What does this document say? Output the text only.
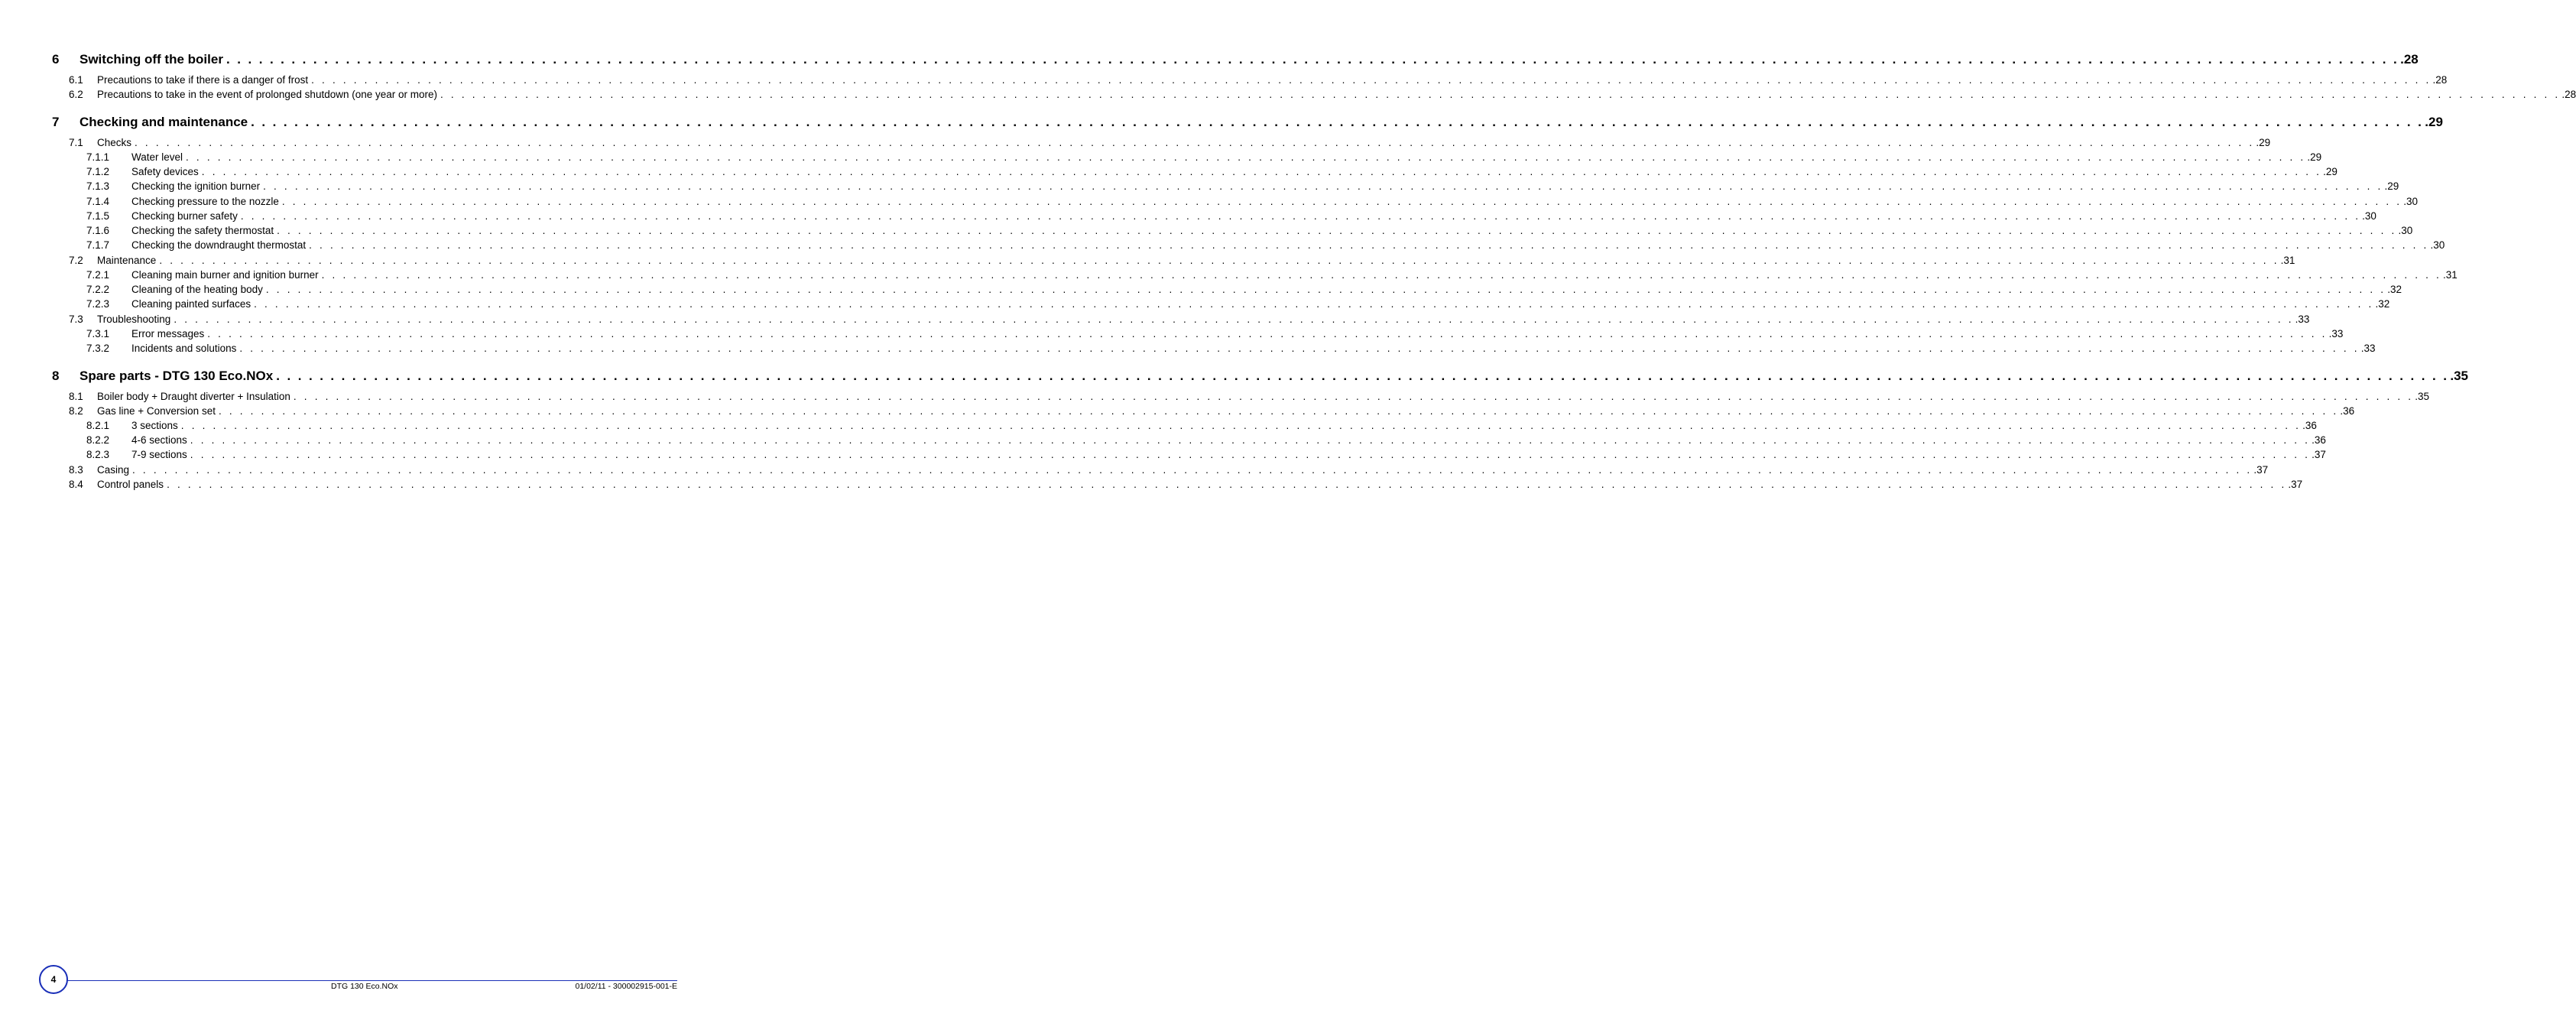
6	Switching off the boiler . . . . . . . . . . . . . . . . . . . . . . . . . . . . . . . . . . . . . . . . . . . . . . . . . . . . . . . . . . . . . . . . . . . . . . . . . . . . . . . . . . . . . . . . . . . . . . . . . . . . . . . . . . . . . . . . . . . . . . . . . . . . . . . . . . . . . . . . . . . . . . . . . . . . . . . . . . . . . . . . . . . . . . . . . . . . . . . . . . . . . . . . . . . . . . . . . . . . . . . . .28
6.1	Precautions to take if there is a danger of frost . . . . . . . . . . . . . . . . . . . . . . . . . . . . . . . . . . . . . . . . . . . . . . . . . . . . . . . . . . . . . . . . . . . . . . . . . . . . . . . . . . . . . . . . . . . . . . . . . . . . . . . . . . . . . . . . . . . . . . . . . . . . . . . . . . . . . . . . . . . . . . . . . . . . . . . . . . . . . . . . . . . . . . . . . . . . . . . . . . . . . . . . . . . . . . . . . . . . . . . . .28
6.2	Precautions to take in the event of prolonged shutdown (one year or more) . . . . . . . . . . . . . . . . . . . . . . . . . . . . . . . . . . . . . . . . . . . . . . . . . . . . . . . . . . . . . . . . . . . . . . . . . . . . . . . . . . . . . . . . . . . . . . . . . . . . . . . . . . . . . . . . . . . . . . . . . . . . . . . . . . . . . . . . . . . . . . . . . . . . . . . . . . . . . . . . . . . . . . . . . . . . . . . . . . . . . . . . . . . . . . . . . . . . . . . . .28
7	Checking and maintenance . . . . . . . . . . . . . . . . . . . . . . . . . . . . . . . . . . . . . . . . . . . . . . . . . . . . . . . . . . . . . . . . . . . . . . . . . . . . . . . . . . . . . . . . . . . . . . . . . . . . . . . . . . . . . . . . . . . . . . . . . . . . . . . . . . . . . . . . . . . . . . . . . . . . . . . . . . . . . . . . . . . . . . . . . . . . . . . . . . . . . . . . . . . . . . . . . . . . . . . . .29
7.1	Checks . . . . . . . . . . . . . . . . . . . . . . . . . . . . . . . . . . . . . . . . . . . . . . . . . . . . . . . . . . . . . . . . . . . . . . . . . . . . . . . . . . . . . . . . . . . . . . . . . . . . . . . . . . . . . . . . . . . . . . . . . . . . . . . . . . . . . . . . . . . . . . . . . . . . . . . . . . . . . . . . . . . . . . . . . . . . . . . . . . . . . . . . . . . . . . . . . . . . . . . . .29
7.1.1	Water level . . . . . . . . . . . . . . . . . . . . . . . . . . . . . . . . . . . . . . . . . . . . . . . . . . . . . . . . . . . . . . . . . . . . . . . . . . . . . . . . . . . . . . . . . . . . . . . . . . . . . . . . . . . . . . . . . . . . . . . . . . . . . . . . . . . . . . . . . . . . . . . . . . . . . . . . . . . . . . . . . . . . . . . . . . . . . . . . . . . . . . . . . . . . . . . . . . . . . . . . .29
7.1.2	Safety devices . . . . . . . . . . . . . . . . . . . . . . . . . . . . . . . . . . . . . . . . . . . . . . . . . . . . . . . . . . . . . . . . . . . . . . . . . . . . . . . . . . . . . . . . . . . . . . . . . . . . . . . . . . . . . . . . . . . . . . . . . . . . . . . . . . . . . . . . . . . . . . . . . . . . . . . . . . . . . . . . . . . . . . . . . . . . . . . . . . . . . . . . . . . . . . . . . . . . . . . . .29
7.1.3	Checking the ignition burner . . . . . . . . . . . . . . . . . . . . . . . . . . . . . . . . . . . . . . . . . . . . . . . . . . . . . . . . . . . . . . . . . . . . . . . . . . . . . . . . . . . . . . . . . . . . . . . . . . . . . . . . . . . . . . . . . . . . . . . . . . . . . . . . . . . . . . . . . . . . . . . . . . . . . . . . . . . . . . . . . . . . . . . . . . . . . . . . . . . . . . . . . . . . . . . . . . . . . . . . .29
7.1.4	Checking pressure to the nozzle . . . . . . . . . . . . . . . . . . . . . . . . . . . . . . . . . . . . . . . . . . . . . . . . . . . . . . . . . . . . . . . . . . . . . . . . . . . . . . . . . . . . . . . . . . . . . . . . . . . . . . . . . . . . . . . . . . . . . . . . . . . . . . . . . . . . . . . . . . . . . . . . . . . . . . . . . . . . . . . . . . . . . . . . . . . . . . . . . . . . . . . . . . . . . . . . . . . . . . . . .30
7.1.5	Checking burner safety . . . . . . . . . . . . . . . . . . . . . . . . . . . . . . . . . . . . . . . . . . . . . . . . . . . . . . . . . . . . . . . . . . . . . . . . . . . . . . . . . . . . . . . . . . . . . . . . . . . . . . . . . . . . . . . . . . . . . . . . . . . . . . . . . . . . . . . . . . . . . . . . . . . . . . . . . . . . . . . . . . . . . . . . . . . . . . . . . . . . . . . . . . . . . . . . . . . . . . . . .30
7.1.6	Checking the safety thermostat . . . . . . . . . . . . . . . . . . . . . . . . . . . . . . . . . . . . . . . . . . . . . . . . . . . . . . . . . . . . . . . . . . . . . . . . . . . . . . . . . . . . . . . . . . . . . . . . . . . . . . . . . . . . . . . . . . . . . . . . . . . . . . . . . . . . . . . . . . . . . . . . . . . . . . . . . . . . . . . . . . . . . . . . . . . . . . . . . . . . . . . . . . . . . . . . . . . . . . . . .30
7.1.7	Checking the downdraught thermostat . . . . . . . . . . . . . . . . . . . . . . . . . . . . . . . . . . . . . . . . . . . . . . . . . . . . . . . . . . . . . . . . . . . . . . . . . . . . . . . . . . . . . . . . . . . . . . . . . . . . . . . . . . . . . . . . . . . . . . . . . . . . . . . . . . . . . . . . . . . . . . . . . . . . . . . . . . . . . . . . . . . . . . . . . . . . . . . . . . . . . . . . . . . . . . . . . . . . . . . . .30
7.2	Maintenance . . . . . . . . . . . . . . . . . . . . . . . . . . . . . . . . . . . . . . . . . . . . . . . . . . . . . . . . . . . . . . . . . . . . . . . . . . . . . . . . . . . . . . . . . . . . . . . . . . . . . . . . . . . . . . . . . . . . . . . . . . . . . . . . . . . . . . . . . . . . . . . . . . . . . . . . . . . . . . . . . . . . . . . . . . . . . . . . . . . . . . . . . . . . . . . . . . . . . . . . .31
7.2.1	Cleaning main burner and ignition burner . . . . . . . . . . . . . . . . . . . . . . . . . . . . . . . . . . . . . . . . . . . . . . . . . . . . . . . . . . . . . . . . . . . . . . . . . . . . . . . . . . . . . . . . . . . . . . . . . . . . . . . . . . . . . . . . . . . . . . . . . . . . . . . . . . . . . . . . . . . . . . . . . . . . . . . . . . . . . . . . . . . . . . . . . . . . . . . . . . . . . . . . . . . . . . . . . . . . . . . . .31
7.2.2	Cleaning of the heating body . . . . . . . . . . . . . . . . . . . . . . . . . . . . . . . . . . . . . . . . . . . . . . . . . . . . . . . . . . . . . . . . . . . . . . . . . . . . . . . . . . . . . . . . . . . . . . . . . . . . . . . . . . . . . . . . . . . . . . . . . . . . . . . . . . . . . . . . . . . . . . . . . . . . . . . . . . . . . . . . . . . . . . . . . . . . . . . . . . . . . . . . . . . . . . . . . . . . . . . . .32
7.2.3	Cleaning painted surfaces . . . . . . . . . . . . . . . . . . . . . . . . . . . . . . . . . . . . . . . . . . . . . . . . . . . . . . . . . . . . . . . . . . . . . . . . . . . . . . . . . . . . . . . . . . . . . . . . . . . . . . . . . . . . . . . . . . . . . . . . . . . . . . . . . . . . . . . . . . . . . . . . . . . . . . . . . . . . . . . . . . . . . . . . . . . . . . . . . . . . . . . . . . . . . . . . . . . . . . . . .32
7.3	Troubleshooting . . . . . . . . . . . . . . . . . . . . . . . . . . . . . . . . . . . . . . . . . . . . . . . . . . . . . . . . . . . . . . . . . . . . . . . . . . . . . . . . . . . . . . . . . . . . . . . . . . . . . . . . . . . . . . . . . . . . . . . . . . . . . . . . . . . . . . . . . . . . . . . . . . . . . . . . . . . . . . . . . . . . . . . . . . . . . . . . . . . . . . . . . . . . . . . . . . . . . . . . .33
7.3.1	Error messages . . . . . . . . . . . . . . . . . . . . . . . . . . . . . . . . . . . . . . . . . . . . . . . . . . . . . . . . . . . . . . . . . . . . . . . . . . . . . . . . . . . . . . . . . . . . . . . . . . . . . . . . . . . . . . . . . . . . . . . . . . . . . . . . . . . . . . . . . . . . . . . . . . . . . . . . . . . . . . . . . . . . . . . . . . . . . . . . . . . . . . . . . . . . . . . . . . . . . . . . .33
7.3.2	Incidents and solutions . . . . . . . . . . . . . . . . . . . . . . . . . . . . . . . . . . . . . . . . . . . . . . . . . . . . . . . . . . . . . . . . . . . . . . . . . . . . . . . . . . . . . . . . . . . . . . . . . . . . . . . . . . . . . . . . . . . . . . . . . . . . . . . . . . . . . . . . . . . . . . . . . . . . . . . . . . . . . . . . . . . . . . . . . . . . . . . . . . . . . . . . . . . . . . . . . . . . . . . . .33
8	Spare parts - DTG 130 Eco.NOx . . . . . . . . . . . . . . . . . . . . . . . . . . . . . . . . . . . . . . . . . . . . . . . . . . . . . . . . . . . . . . . . . . . . . . . . . . . . . . . . . . . . . . . . . . . . . . . . . . . . . . . . . . . . . . . . . . . . . . . . . . . . . . . . . . . . . . . . . . . . . . . . . . . . . . . . . . . . . . . . . . . . . . . . . . . . . . . . . . . . . . . . . . . . . . . . . . . . . . . . .35
8.1	Boiler body + Draught diverter + Insulation . . . . . . . . . . . . . . . . . . . . . . . . . . . . . . . . . . . . . . . . . . . . . . . . . . . . . . . . . . . . . . . . . . . . . . . . . . . . . . . . . . . . . . . . . . . . . . . . . . . . . . . . . . . . . . . . . . . . . . . . . . . . . . . . . . . . . . . . . . . . . . . . . . . . . . . . . . . . . . . . . . . . . . . . . . . . . . . . . . . . . . . . . . . . . . . . . . . . . . . . .35
8.2	Gas line + Conversion set . . . . . . . . . . . . . . . . . . . . . . . . . . . . . . . . . . . . . . . . . . . . . . . . . . . . . . . . . . . . . . . . . . . . . . . . . . . . . . . . . . . . . . . . . . . . . . . . . . . . . . . . . . . . . . . . . . . . . . . . . . . . . . . . . . . . . . . . . . . . . . . . . . . . . . . . . . . . . . . . . . . . . . . . . . . . . . . . . . . . . . . . . . . . . . . . . . . . . . . . .36
8.2.1	3 sections . . . . . . . . . . . . . . . . . . . . . . . . . . . . . . . . . . . . . . . . . . . . . . . . . . . . . . . . . . . . . . . . . . . . . . . . . . . . . . . . . . . . . . . . . . . . . . . . . . . . . . . . . . . . . . . . . . . . . . . . . . . . . . . . . . . . . . . . . . . . . . . . . . . . . . . . . . . . . . . . . . . . . . . . . . . . . . . . . . . . . . . . . . . . . . . . . . . . . . . . .36
8.2.2	4-6 sections . . . . . . . . . . . . . . . . . . . . . . . . . . . . . . . . . . . . . . . . . . . . . . . . . . . . . . . . . . . . . . . . . . . . . . . . . . . . . . . . . . . . . . . . . . . . . . . . . . . . . . . . . . . . . . . . . . . . . . . . . . . . . . . . . . . . . . . . . . . . . . . . . . . . . . . . . . . . . . . . . . . . . . . . . . . . . . . . . . . . . . . . . . . . . . . . . . . . . . . . .36
8.2.3	7-9 sections . . . . . . . . . . . . . . . . . . . . . . . . . . . . . . . . . . . . . . . . . . . . . . . . . . . . . . . . . . . . . . . . . . . . . . . . . . . . . . . . . . . . . . . . . . . . . . . . . . . . . . . . . . . . . . . . . . . . . . . . . . . . . . . . . . . . . . . . . . . . . . . . . . . . . . . . . . . . . . . . . . . . . . . . . . . . . . . . . . . . . . . . . . . . . . . . . . . . . . . . .37
8.3	Casing . . . . . . . . . . . . . . . . . . . . . . . . . . . . . . . . . . . . . . . . . . . . . . . . . . . . . . . . . . . . . . . . . . . . . . . . . . . . . . . . . . . . . . . . . . . . . . . . . . . . . . . . . . . . . . . . . . . . . . . . . . . . . . . . . . . . . . . . . . . . . . . . . . . . . . . . . . . . . . . . . . . . . . . . . . . . . . . . . . . . . . . . . . . . . . . . . . . . . . . . .37
8.4	Control panels . . . . . . . . . . . . . . . . . . . . . . . . . . . . . . . . . . . . . . . . . . . . . . . . . . . . . . . . . . . . . . . . . . . . . . . . . . . . . . . . . . . . . . . . . . . . . . . . . . . . . . . . . . . . . . . . . . . . . . . . . . . . . . . . . . . . . . . . . . . . . . . . . . . . . . . . . . . . . . . . . . . . . . . . . . . . . . . . . . . . . . . . . . . . . . . . . . . . . . . . .37
4
DTG 130 Eco.NOx	01/02/11 - 300002915-001-E
